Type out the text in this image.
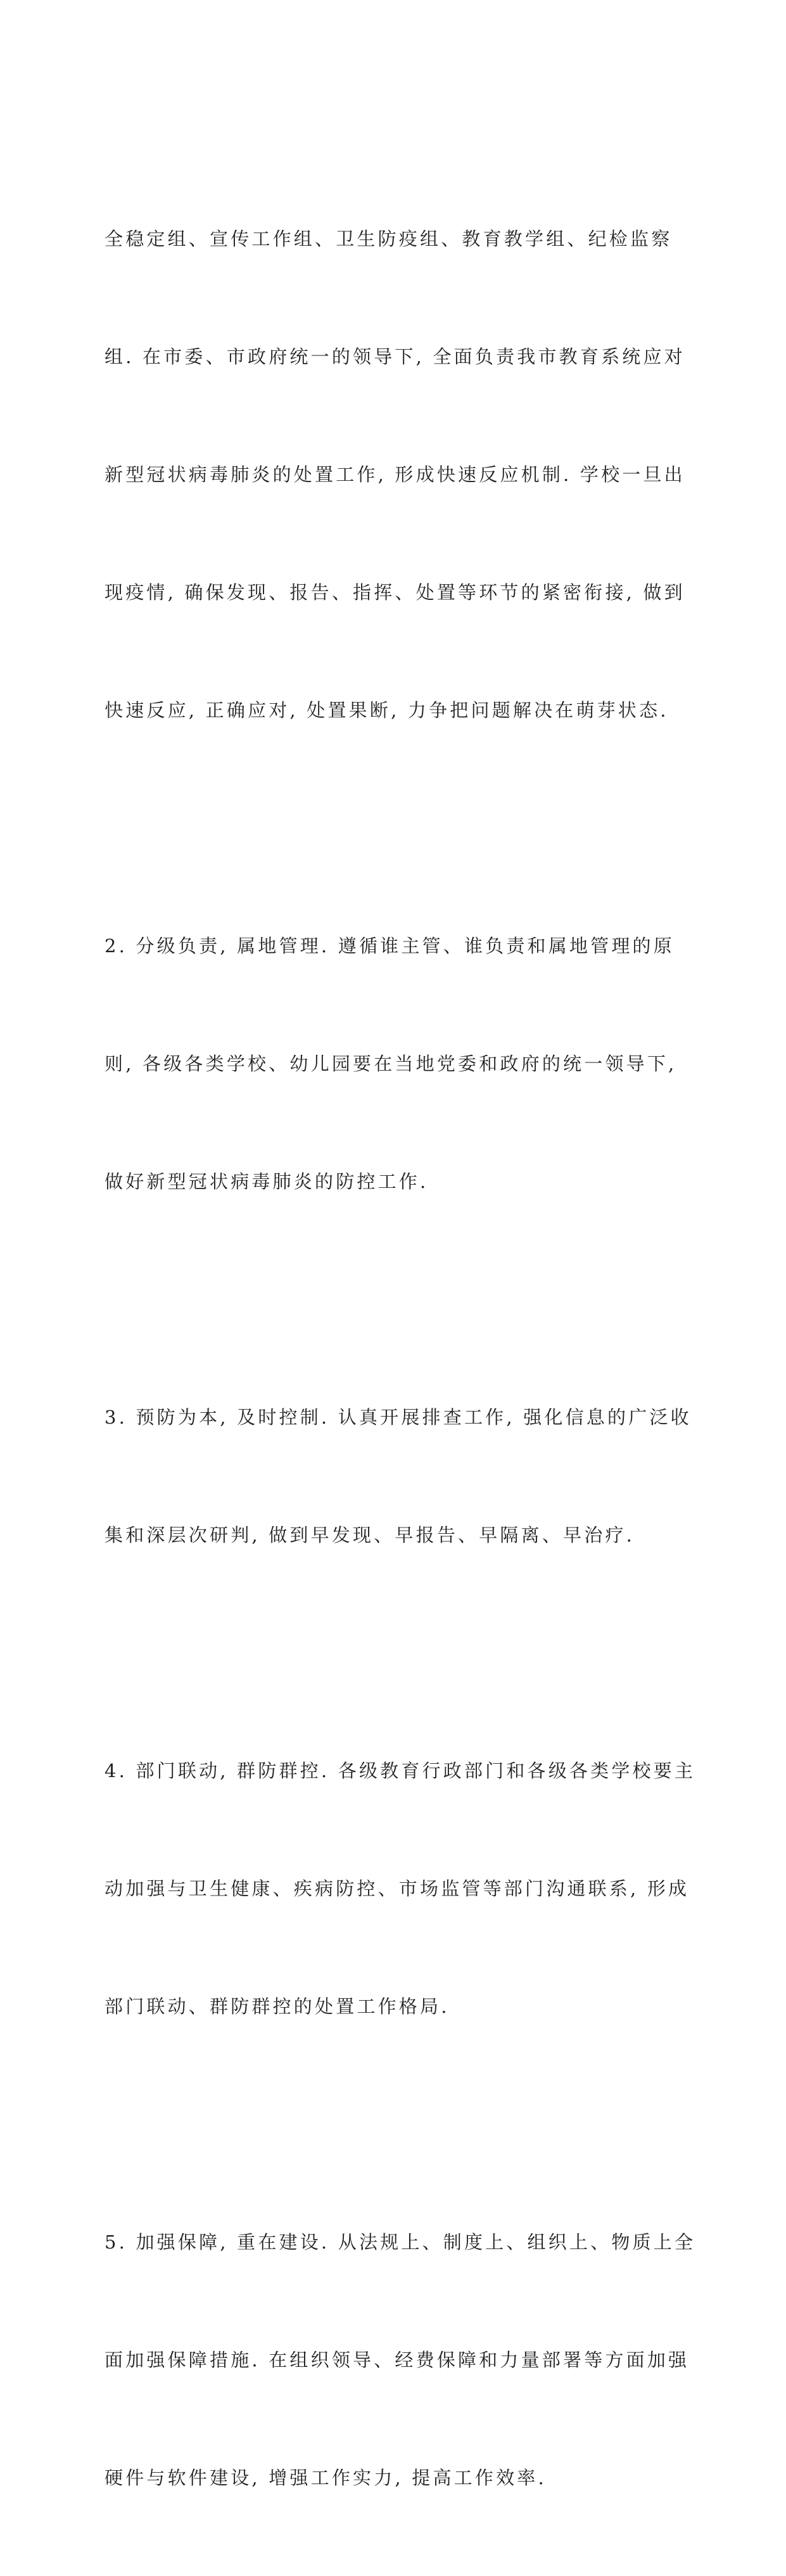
全稳定组、宣传工作组、卫生防疫组、教育教学组、纪检监察

组. 在市委、市政府统一的领导下, 全面负责我市教育系统应对

新型冠状病毒肺炎的处置工作, 形成快速反应机制. 学校一旦出

现疫情, 确保发现、报告、指挥、处置等环节的紧密衔接, 做到

快速反应, 正确应对, 处置果断, 力争把问题解决在萌芽状态.

2. 分级负责, 属地管理. 遵循谁主管、谁负责和属地管理的原

则, 各级各类学校、幼儿园要在当地党委和政府的统一领导下,

做好新型冠状病毒肺炎的防控工作.

3. 预防为本, 及时控制. 认真开展排查工作, 强化信息的广泛收

集和深层次研判, 做到早发现、早报告、早隔离、早治疗.

4. 部门联动, 群防群控. 各级教育行政部门和各级各类学校要主

动加强与卫生健康、疾病防控、市场监管等部门沟通联系, 形成

部门联动、群防群控的处置工作格局.

5. 加强保障, 重在建设. 从法规上、制度上、组织上、物质上全

面加强保障措施. 在组织领导、经费保障和力量部署等方面加强

硬件与软件建设, 增强工作实力, 提高工作效率.
